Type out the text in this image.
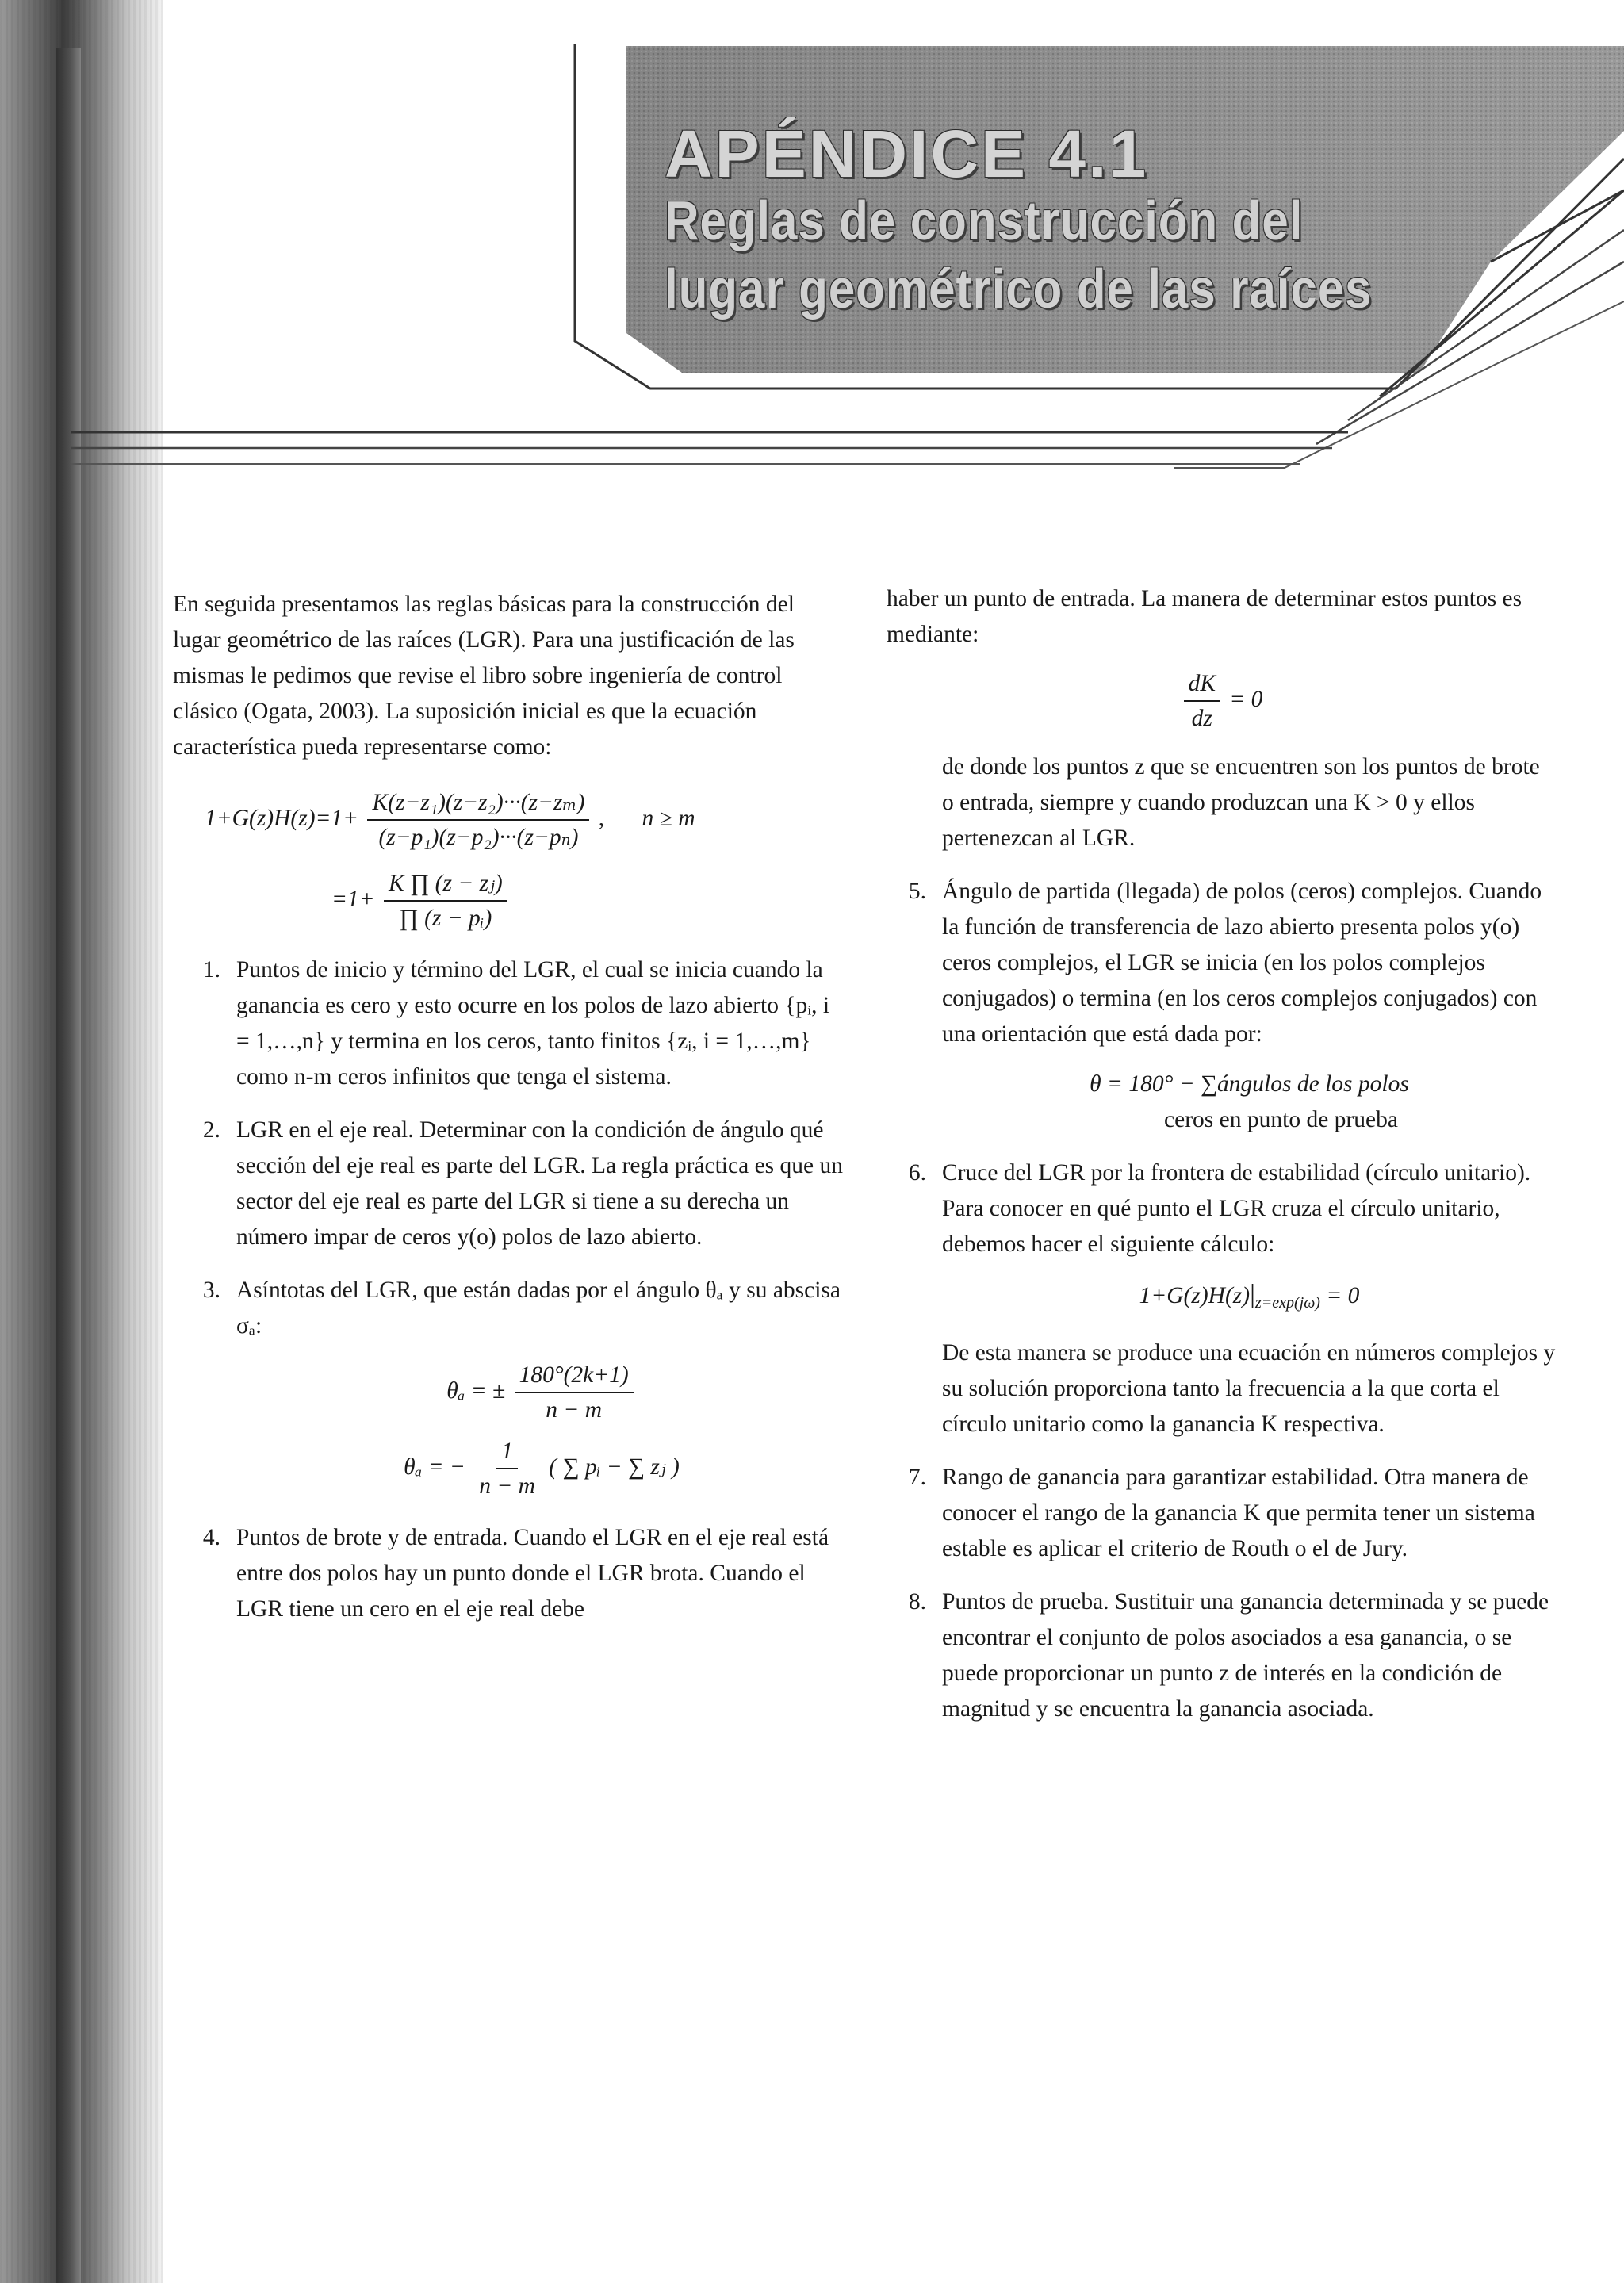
APÉNDICE 4.1
Reglas de construcción del
lugar geométrico de las raíces

En seguida presentamos las reglas básicas para la construcción del lugar geométrico de las raíces (LGR). Para una justificación de las mismas le pedimos que revise el libro sobre ingeniería de control clásico (Ogata, 2003). La suposición inicial es que la ecuación característica pueda representarse como:

$1+G(z)H(z)=1+ \frac{\text{K(z−z₁)(z−z₂)···(z−zₘ)}}{\text{(z−p₁)(z−p₂)···(z−pₙ)}}$ , n ≥ m
$=1+ \frac{\text{K ∏ (z − zⱼ)}}{\text{∏ (z − pᵢ)}}$
1. Puntos de inicio y término del LGR, el cual se inicia cuando la ganancia es cero y esto ocurre en los polos de lazo abierto {pᵢ, i = 1,…,n} y termina en los ceros, tanto finitos {zᵢ, i = 1,…,m} como n-m ceros infinitos que tenga el sistema.

2. LGR en el eje real. Determinar con la condición de ángulo qué sección del eje real es parte del LGR. La regla práctica es que un sector del eje real es parte del LGR si tiene a su derecha un número impar de ceros y(o) polos de lazo abierto.

3. Asíntotas del LGR, que están dadas por el ángulo θₐ y su abscisa σₐ:

θₐ = ± $\frac{180^\circ(2k+1)}{n - m}$
θₐ = − $\frac{1}{n - m}$ ( ∑ pᵢ − ∑ zⱼ )
4. Puntos de brote y de entrada. Cuando el LGR en el eje real está entre dos polos hay un punto donde el LGR brota. Cuando el LGR tiene un cero en el eje real debe

haber un punto de entrada. La manera de determinar estos puntos es mediante:

$\frac{dK}{dz} = 0$

de donde los puntos z que se encuentren son los puntos de brote o entrada, siempre y cuando produzcan una K > 0 y ellos pertenezcan al LGR.

5. Ángulo de partida (llegada) de polos (ceros) complejos. Cuando la función de transferencia de lazo abierto presenta polos y(o) ceros complejos, el LGR se inicia (en los polos complejos conjugados) o termina (en los ceros complejos conjugados) con una orientación que está dada por:

θ = 180° − ∑ángulos de los polos
ceros en punto de prueba
6. Cruce del LGR por la frontera de estabilidad (círculo unitario). Para conocer en qué punto el LGR cruza el círculo unitario, debemos hacer el siguiente cálculo:

$1+G(z)H(z)|_{z=exp(j\omega)} = 0$

De esta manera se produce una ecuación en números complejos y su solución proporciona tanto la frecuencia a la que corta el círculo unitario como la ganancia K respectiva.

7. Rango de ganancia para garantizar estabilidad. Otra manera de conocer el rango de la ganancia K que permita tener un sistema estable es aplicar el criterio de Routh o el de Jury.

8. Puntos de prueba. Sustituir una ganancia determinada y se puede encontrar el conjunto de polos asociados a esa ganancia, o se puede proporcionar un punto z de interés en la condición de magnitud y se encuentra la ganancia asociada.
